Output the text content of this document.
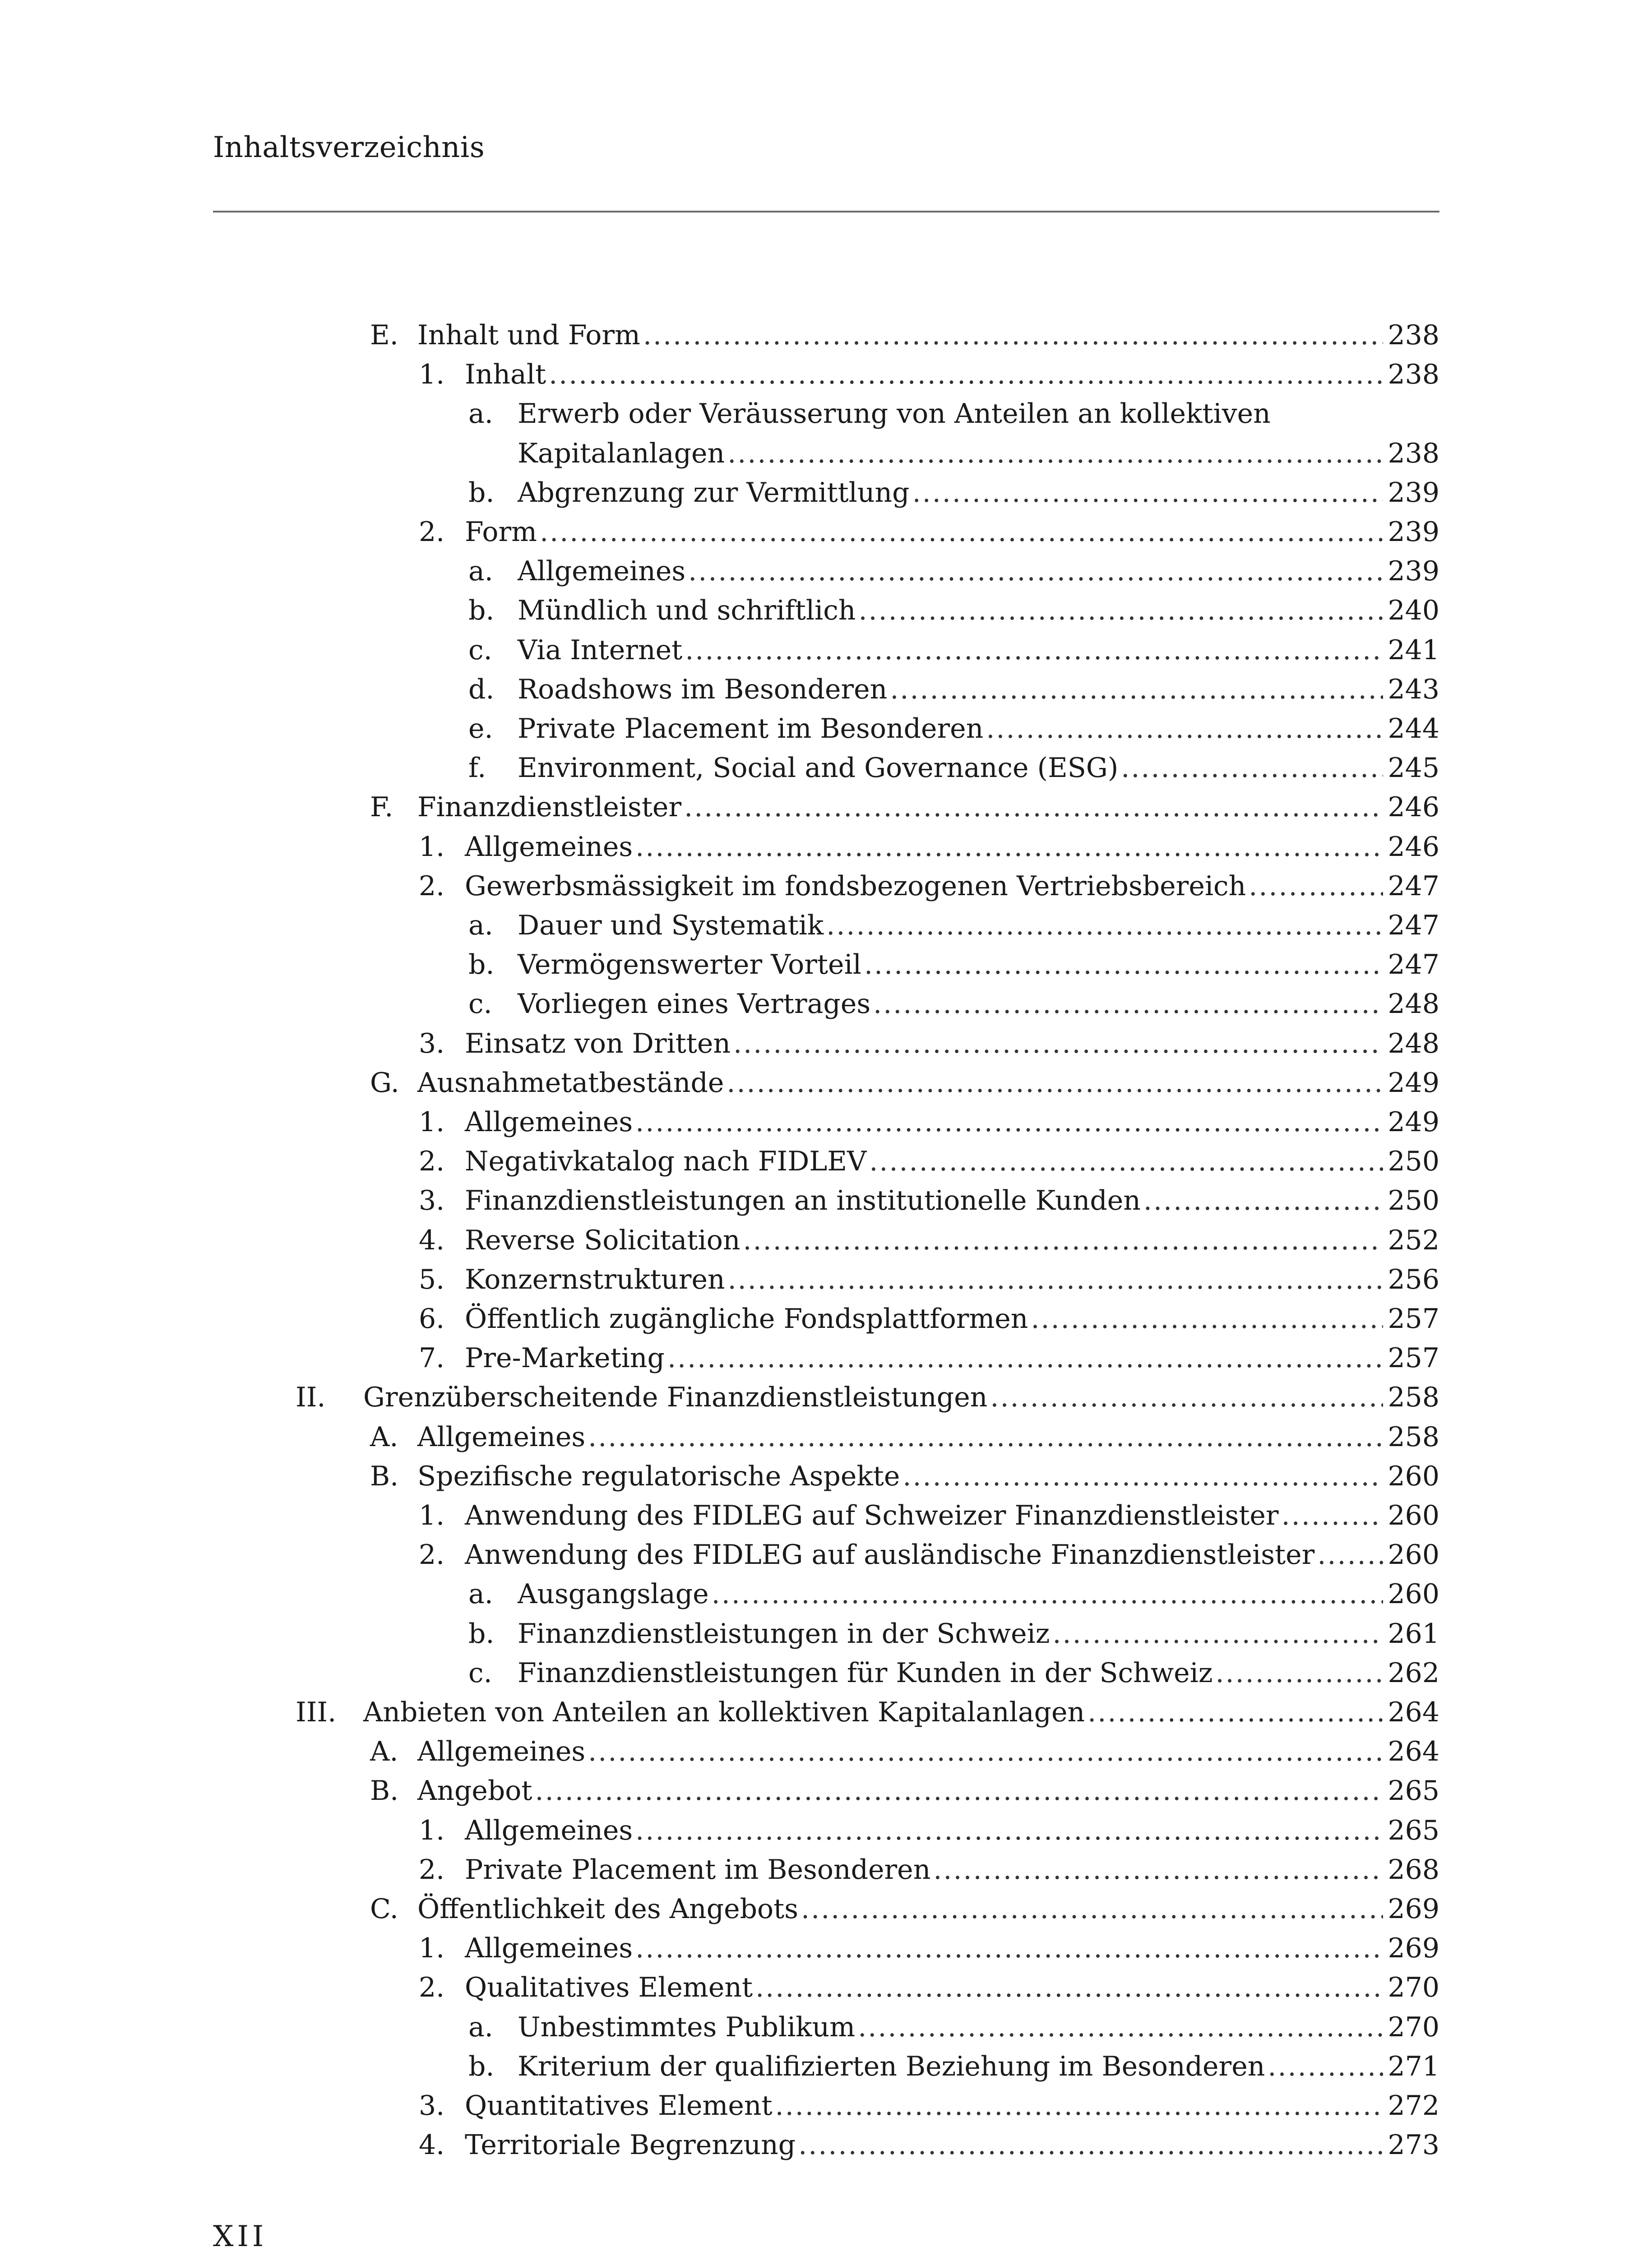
Inhaltsverzeichnis
E. Inhalt und Form .....	238
1. Inhalt .....	238
a. Erwerb oder Veräusserung von Anteilen an kollektiven
Kapitalanlagen .....	238
b. Abgrenzung zur Vermittlung .....	239
2. Form .....	239
a. Allgemeines .....	239
b. Mündlich und schriftlich .....	240
c. Via Internet .....	241
d. Roadshows im Besonderen .....	243
e. Private Placement im Besonderen .....	244
f. Environment, Social and Governance (ESG) .....	245
F. Finanzdienstleister .....	246
1. Allgemeines .....	246
2. Gewerbsmässigkeit im fondsbezogenen Vertriebsbereich .....	247
a. Dauer und Systematik .....	247
b. Vermögenswerter Vorteil .....	247
c. Vorliegen eines Vertrages .....	248
3. Einsatz von Dritten .....	248
G. Ausnahmetatbestände .....	249
1. Allgemeines .....	249
2. Negativkatalog nach FIDLEV .....	250
3. Finanzdienstleistungen an institutionelle Kunden .....	250
4. Reverse Solicitation .....	252
5. Konzernstrukturen .....	256
6. Öffentlich zugängliche Fondsplattformen .....	257
7. Pre-Marketing .....	257
II. Grenzüberscheitende Finanzdienstleistungen .....	258
A. Allgemeines .....	258
B. Spezifische regulatorische Aspekte .....	260
1. Anwendung des FIDLEG auf Schweizer Finanzdienstleister .....	260
2. Anwendung des FIDLEG auf ausländische Finanzdienstleister .....	260
a. Ausgangslage .....	260
b. Finanzdienstleistungen in der Schweiz .....	261
c. Finanzdienstleistungen für Kunden in der Schweiz .....	262
III. Anbieten von Anteilen an kollektiven Kapitalanlagen .....	264
A. Allgemeines .....	264
B. Angebot .....	265
1. Allgemeines .....	265
2. Private Placement im Besonderen .....	268
C. Öffentlichkeit des Angebots .....	269
1. Allgemeines .....	269
2. Qualitatives Element .....	270
a. Unbestimmtes Publikum .....	270
b. Kriterium der qualifizierten Beziehung im Besonderen .....	271
3. Quantitatives Element .....	272
4. Territoriale Begrenzung .....	273
XII
